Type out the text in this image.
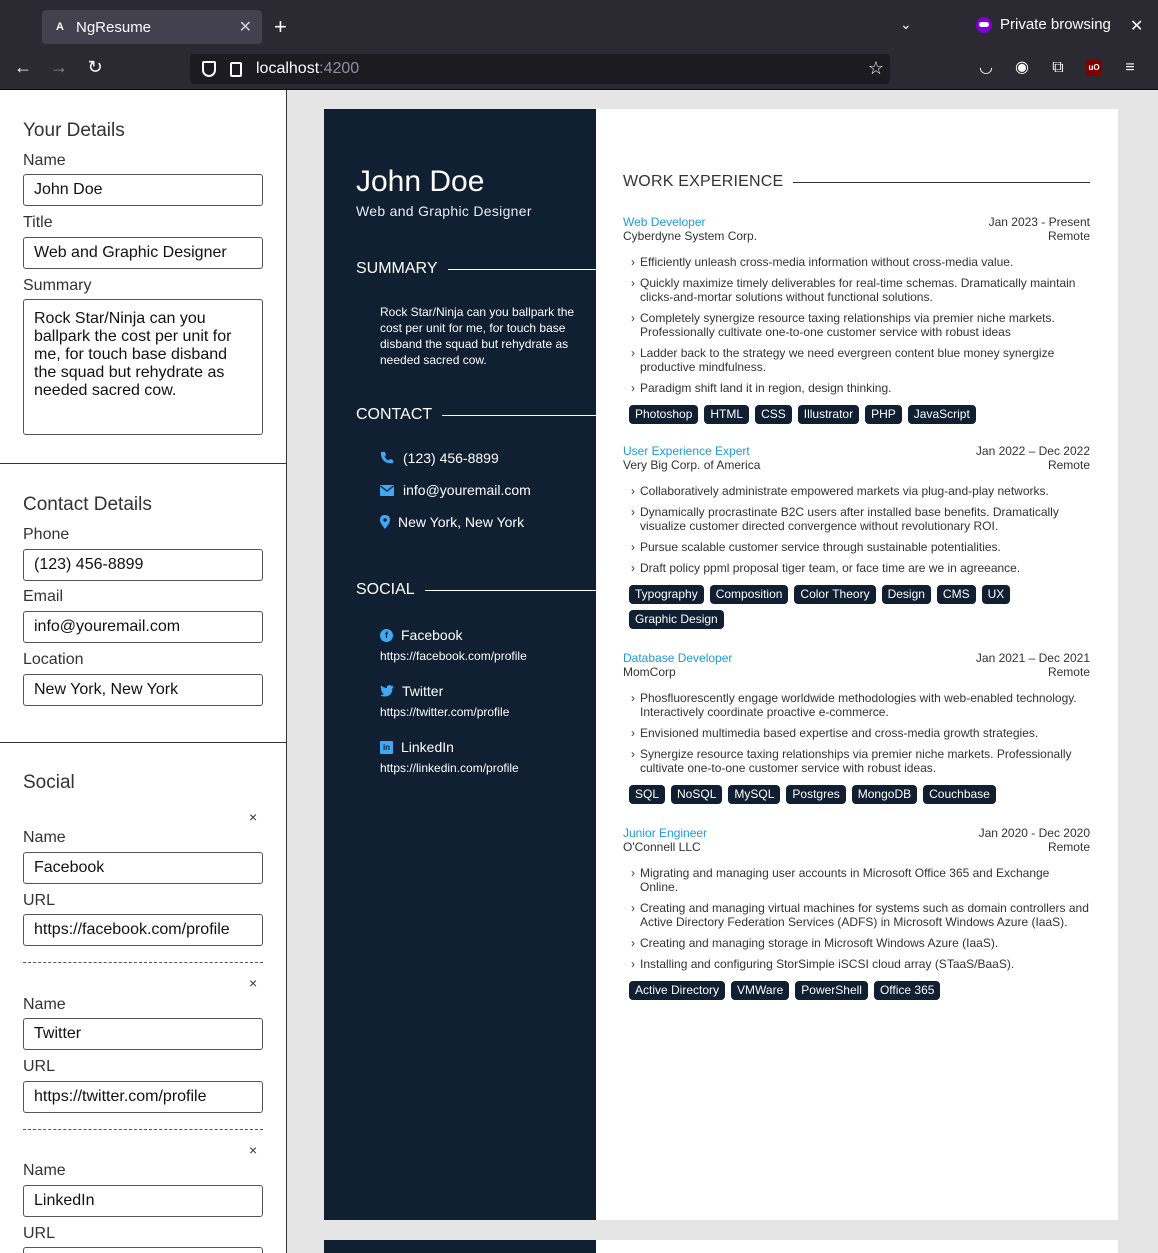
A NgResume	✕ +	⌄	Private browsing ✕
← → ↻	localhost :4200	☆	◡ ◉ ⧉	uO ≡
Your Details
Name
John Doe
Title
Web and Graphic Designer
Summary
Rock Star/Ninja can you ballpark the cost per unit for me, for touch base disband the squad but rehydrate as needed sacred cow.
Contact Details
Phone
(123) 456-8899
Email
info@youremail.com
Location
New York, New York
Social
×
Name
Facebook
URL
https://facebook.com/profile
×
Name
Twitter
URL
https://twitter.com/profile
×
Name
LinkedIn
URL
John Doe
Web and Graphic Designer
SUMMARY
Rock Star/Ninja can you ballpark the cost per unit for me, for touch base disband the squad but rehydrate as needed sacred cow.
CONTACT
(123) 456-8899
info@youremail.com
New York, New York
SOCIAL
f Facebook
https://facebook.com/profile
Twitter
https://twitter.com/profile
in LinkedIn
https://linkedin.com/profile
WORK EXPERIENCE
Web Developer	Jan 2023 - Present
Cyberdyne System Corp.	Remote
› Efficiently unleash cross-media information without cross-media value.
› Quickly maximize timely deliverables for real-time schemas. Dramatically maintain clicks-and-mortar solutions without functional solutions.
› Completely synergize resource taxing relationships via premier niche markets. Professionally cultivate one-to-one customer service with robust ideas
› Ladder back to the strategy we need evergreen content blue money synergize productive mindfulness.
› Paradigm shift land it in region, design thinking.
Photoshop	HTML	CSS	Illustrator	PHP	JavaScript
User Experience Expert	Jan 2022 – Dec 2022
Very Big Corp. of America	Remote
› Collaboratively administrate empowered markets via plug-and-play networks.
› Dynamically procrastinate B2C users after installed base benefits. Dramatically visualize customer directed convergence without revolutionary ROI.
› Pursue scalable customer service through sustainable potentialities.
› Draft policy ppml proposal tiger team, or face time are we in agreeance.
Typography	Composition	Color Theory	Design	CMS	UX
Graphic Design
Database Developer	Jan 2021 – Dec 2021
MomCorp	Remote
› Phosfluorescently engage worldwide methodologies with web-enabled technology. Interactively coordinate proactive e-commerce.
› Envisioned multimedia based expertise and cross-media growth strategies.
› Synergize resource taxing relationships via premier niche markets. Professionally cultivate one-to-one customer service with robust ideas.
SQL	NoSQL	MySQL	Postgres	MongoDB	Couchbase
Junior Engineer	Jan 2020 - Dec 2020
O'Connell LLC	Remote
› Migrating and managing user accounts in Microsoft Office 365 and Exchange Online.
› Creating and managing virtual machines for systems such as domain controllers and Active Directory Federation Services (ADFS) in Microsoft Windows Azure (IaaS).
› Creating and managing storage in Microsoft Windows Azure (IaaS).
› Installing and configuring StorSimple iSCSI cloud array (STaaS/BaaS).
Active Directory	VMWare	PowerShell	Office 365
